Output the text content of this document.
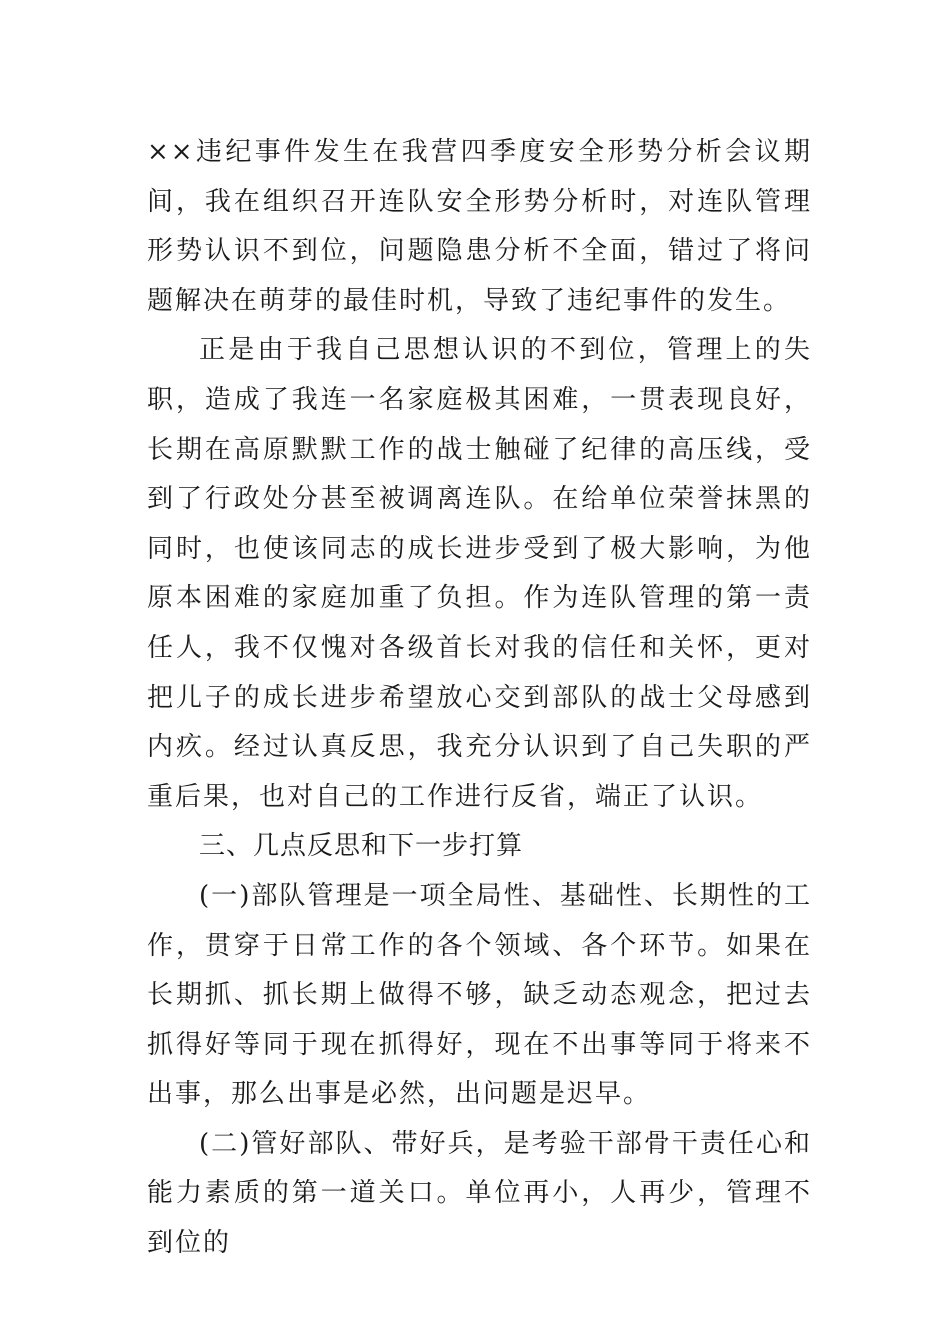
××违纪事件发生在我营四季度安全形势分析会议期间，我在组织召开连队安全形势分析时，对连队管理形势认识不到位，问题隐患分析不全面，错过了将问题解决在萌芽的最佳时机，导致了违纪事件的发生。

正是由于我自己思想认识的不到位，管理上的失职，造成了我连一名家庭极其困难，一贯表现良好，长期在高原默默工作的战士触碰了纪律的高压线，受到了行政处分甚至被调离连队。在给单位荣誉抹黑的同时，也使该同志的成长进步受到了极大影响，为他原本困难的家庭加重了负担。作为连队管理的第一责任人，我不仅愧对各级首长对我的信任和关怀，更对把儿子的成长进步希望放心交到部队的战士父母感到内疚。经过认真反思，我充分认识到了自己失职的严重后果，也对自己的工作进行反省，端正了认识。

三、几点反思和下一步打算

(一)部队管理是一项全局性、基础性、长期性的工作，贯穿于日常工作的各个领域、各个环节。如果在长期抓、抓长期上做得不够，缺乏动态观念，把过去抓得好等同于现在抓得好，现在不出事等同于将来不出事，那么出事是必然，出问题是迟早。

(二)管好部队、带好兵，是考验干部骨干责任心和能力素质的第一道关口。单位再小，人再少，管理不到位的
